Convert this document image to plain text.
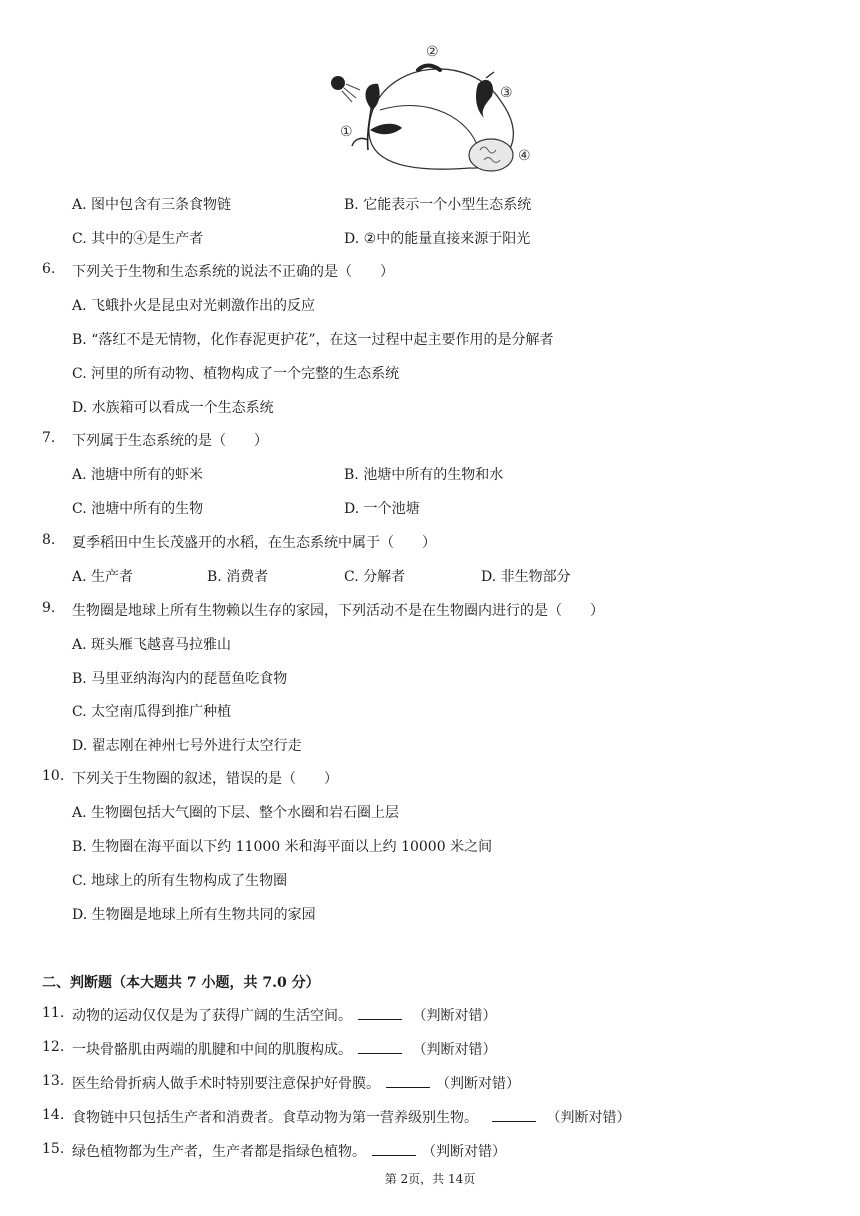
①
②
③
④
A. 图中包含有三条食物链	B. 它能表示一个小型生态系统
C. 其中的④是生产者	D. ②中的能量直接来源于阳光
6. 下列关于生物和生态系统的说法不正确的是（　　）
A. 飞蛾扑火是昆虫对光刺激作出的反应
B. “落红不是无情物，化作春泥更护花”，在这一过程中起主要作用的是分解者
C. 河里的所有动物、植物构成了一个完整的生态系统
D. 水族箱可以看成一个生态系统
7. 下列属于生态系统的是（　　）
A. 池塘中所有的虾米	B. 池塘中所有的生物和水
C. 池塘中所有的生物	D. 一个池塘
8. 夏季稻田中生长茂盛开的水稻，在生态系统中属于（　　）
A. 生产者	B. 消费者	C. 分解者	D. 非生物部分
9. 生物圈是地球上所有生物赖以生存的家园，下列活动不是在生物圈内进行的是（　　）
A. 斑头雁飞越喜马拉雅山
B. 马里亚纳海沟内的琵琶鱼吃食物
C. 太空南瓜得到推广种植
D. 翟志刚在神州七号外进行太空行走
10. 下列关于生物圈的叙述，错误的是（　　）
A. 生物圈包括大气圈的下层、整个水圈和岩石圈上层
B. 生物圈在海平面以下约 11000 米和海平面以上约 10000 米之间
C. 地球上的所有生物构成了生物圈
D. 生物圈是地球上所有生物共同的家园
二、判断题（本大题共 7 小题，共 7.0 分）
11. 动物的运动仅仅是为了获得广阔的生活空间。	（判断对错）
12. 一块骨骼肌由两端的肌腱和中间的肌腹构成。	（判断对错）
13. 医生给骨折病人做手术时特别要注意保护好骨膜。	（判断对错）
14. 食物链中只包括生产者和消费者。食草动物为第一营养级别生物。	（判断对错）
15. 绿色植物都为生产者，生产者都是指绿色植物。	（判断对错）
第 2页，共 14页
